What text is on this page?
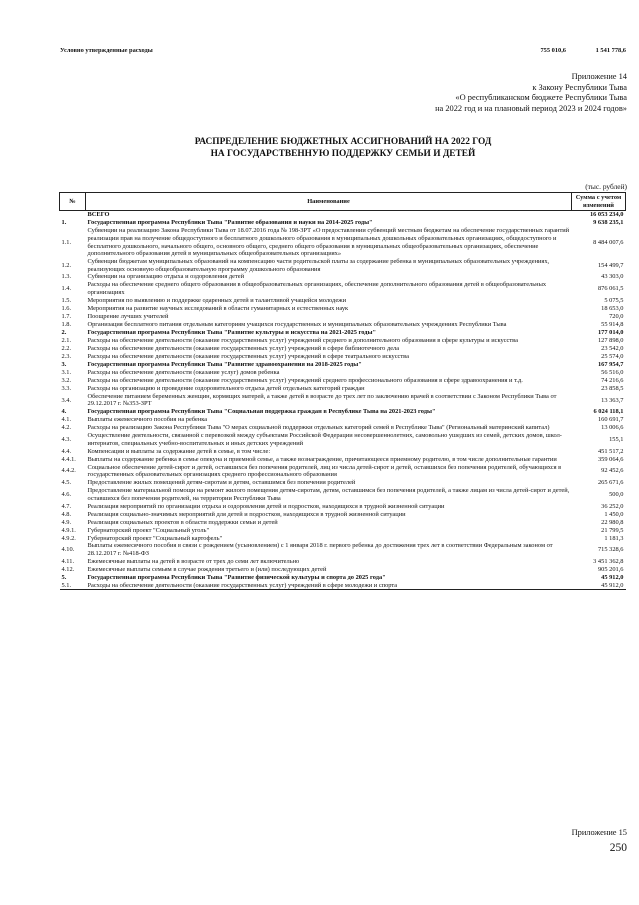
Условно утвержденные расходы	755 010,6	1 541 778,6
Приложение 14
к Закону Республики Тыва
«О республиканском бюджете Республики Тыва
на 2022 год и на плановый период 2023 и 2024 годов»
РАСПРЕДЕЛЕНИЕ БЮДЖЕТНЫХ АССИГНОВАНИЙ НА 2022 ГОД
НА ГОСУДАРСТВЕННУЮ ПОДДЕРЖКУ СЕМЬИ И ДЕТЕЙ
(тыс. рублей)
№	Наименование	Сумма с учетом изменений
	ВСЕГО	16 053 234,0
1.	Государственная программа Республики Тыва "Развитие образования и науки на 2014-2025 годы"	9 638 235,1
1.1.	Субвенции на реализацию Закона Республики Тыва от 18.07.2016 года № 198-ЗРТ «О предоставлении субвенций местным бюджетам на обеспечение государственных гарантий реализации прав на получение общедоступного и бесплатного дошкольного образования в муниципальных дошкольных образовательных организациях, общедоступного и бесплатного дошкольного, начального общего, основного общего, среднего общего образования в муниципальных общеобразовательных организациях, обеспечение дополнительного образования детей в муниципальных общеобразовательных организациях»	8 484 007,6
1.2.	Субвенции бюджетам муниципальных образований на компенсацию части родительской платы за содержание ребенка в муниципальных образовательных учреждениях, реализующих основную общеобразовательную программу дошкольного образования	154 499,7
1.3.	Субвенции на организацию отдыха и оздоровления детей	43 303,0
1.4.	Расходы на обеспечение среднего общего образования в общеобразовательных организациях, обеспечение дополнительного образования детей в общеобразовательных организациях	876 061,5
1.5.	Мероприятия по выявлению и поддержке одаренных детей и талантливой учащейся молодежи	5 075,5
1.6.	Мероприятия на развитие научных исследований в области гуманитарных и естественных наук	18 653,0
1.7.	Поощрение лучших учителей	720,0
1.8.	Организация бесплатного питания отдельным категориям учащихся государственных и муниципальных образовательных учреждениях Республики Тыва	55 914,8
2.	Государственная программа Республики Тыва "Развитие культуры и искусства на 2021-2025 годы"	177 014,0
2.1.	Расходы на обеспечение деятельности (оказание государственных услуг) учреждений среднего и дополнительного образования в сфере культуры и искусства	127 898,0
2.2.	Расходы на обеспечение деятельности (оказание государственных услуг) учреждений в сфере библиотечного дела	23 542,0
2.3.	Расходы на обеспечение деятельности (оказание государственных услуг) учреждений в сфере театрального искусства	25 574,0
3.	Государственная программа Республики Тыва "Развитие здравоохранения на 2018-2025 годы"	167 954,7
3.1.	Расходы на обеспечение деятельности (оказание услуг) домов ребенка	56 516,0
3.2.	Расходы на обеспечение деятельности (оказание государственных услуг) учреждений среднего профессионального образования в сфере здравоохранения и т.д.	74 216,6
3.3.	Расходы на организацию и проведение оздоровительного отдыха детей отдельных категорий граждан	23 858,5
3.4.	Обеспечение питанием беременных женщин, кормящих матерей, а также детей в возрасте до трех лет по заключению врачей в соответствии с Законом Республики Тыва от 29.12.2017 г. №353-ЗРТ	13 363,7
4.	Государственная программа Республики Тыва "Социальная поддержка граждан в Республике Тыва на 2021-2023 годы"	6 024 118,1
4.1.	Выплаты ежемесячного пособия на ребенка	160 691,7
4.2.	Расходы на реализацию Закона Республики Тыва "О мерах социальной поддержки отдельных категорий семей в Республике Тыва" (Региональный материнский капитал)	13 006,6
4.3.	Осуществление деятельности, связанной с перевозкой между субъектами Российской Федерации несовершеннолетних, самовольно ушедших из семей, детских домов, школ-интернатов, специальных учебно-воспитательных и иных детских учреждений	155,1
4.4.	Компенсации и выплаты за содержание детей в семье, в том числе:	451 517,2
4.4.1.	Выплаты на содержание ребенка в семье опекуна и приемной семье, а также вознаграждение, причитающееся приемному родителю, в том числе дополнительные гарантии	359 064,6
4.4.2.	Социальное обеспечение детей-сирот и детей, оставшихся без попечения родителей, лиц из числа детей-сирот и детей, оставшихся без попечения родителей, обучающихся в государственных образовательных организациях среднего профессионального образования	92 452,6
4.5.	Предоставление жилых помещений детям-сиротам и детям, оставшимся без попечения родителей	265 671,6
4.6.	Предоставление материальной помощи на ремонт жилого помещения детям-сиротам, детям, оставшимся без попечения родителей, а также лицам из числа детей-сирот и детей, оставшихся без попечения родителей, на территории Республики Тыва	500,0
4.7.	Реализация мероприятий по организации отдыха и оздоровления детей и подростков, находящихся в трудной жизненной ситуации	36 252,0
4.8.	Реализация социально-значимых мероприятий для детей и подростков, находящихся в трудной жизненной ситуации	1 450,0
4.9.	Реализация социальных проектов в области поддержки семьи и детей	22 980,8
4.9.1.	Губернаторский проект "Социальный уголь"	21 799,5
4.9.2.	Губернаторский проект "Социальный картофель"	1 181,3
4.10.	Выплаты ежемесячного пособия в связи с рождением (усыновлением) с 1 января 2018 г. первого ребенка до достижения трех лет в соответствии Федеральным законом от 28.12.2017 г. №418-ФЗ	715 328,6
4.11.	Ежемесячные выплаты на детей в возрасте от трех до семи лет включительно	3 451 362,8
4.12.	Ежемесячные выплаты семьям в случае рождения третьего и (или) последующих детей	905 201,6
5.	Государственная программа Республики Тыва "Развитие физической культуры и спорта до 2025 года"	45 912,0
5.1.	Расходы на обеспечение деятельности (оказание государственных услуг) учреждений в сфере молодежи и спорта	45 912,0
Приложение 15
250
